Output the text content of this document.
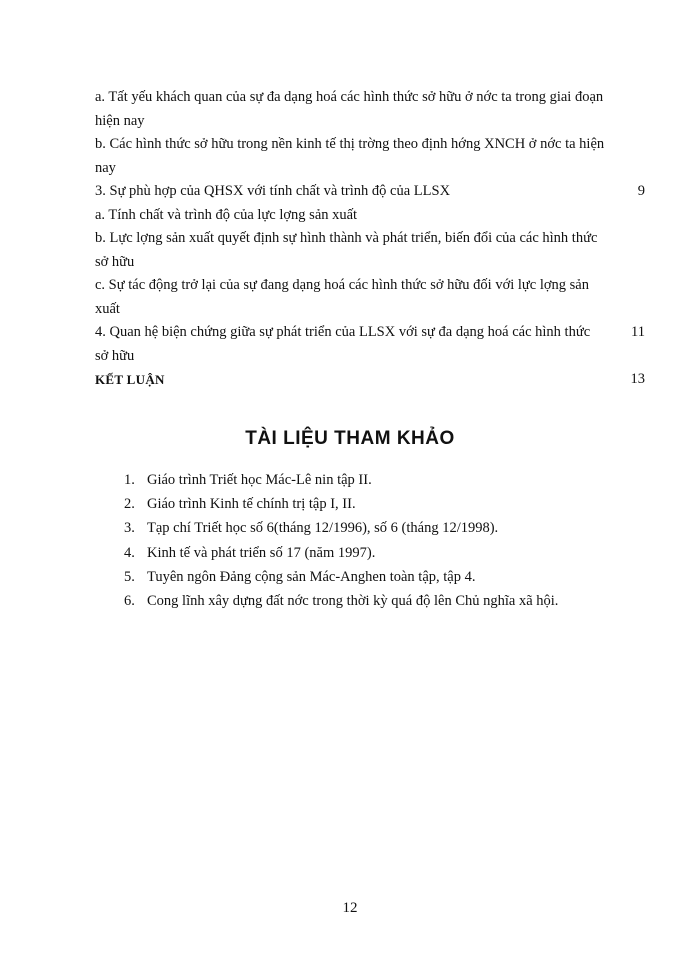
a. Tất yếu khách quan của sự đa dạng hoá các hình thức sở hữu ở nớc ta trong giai đoạn hiện nay
b. Các hình thức sở hữu trong nền kinh tế thị trờng theo định hớng XNCH ở nớc ta hiện nay
3. Sự phù hợp của QHSX với tính chất và trình độ của LLSX	9
a. Tính chất và trình độ của lực lợng sản xuất
b. Lực lợng sản xuất quyết định sự hình thành và phát triển, biến đổi của các hình thức sở hữu
c. Sự tác động trở lại của sự đang dạng hoá các hình thức sở hữu đối với lực lợng sản xuất
4. Quan hệ biện chứng giữa sự phát triển của LLSX với sự đa dạng hoá các hình thức sở hữu
11
KẾT LUẬN	13
TÀI LIỆU THAM KHẢO
1. Giáo trình Triết học Mác-Lê nin tập II.
2. Giáo trình Kinh tế chính trị tập I, II.
3. Tạp chí Triết học số 6(tháng 12/1996), số 6 (tháng 12/1998).
4. Kinh tế và phát triển số 17 (năm 1997).
5. Tuyên ngôn Đảng cộng sản Mác-Anghen toàn tập, tập 4.
6. Cong lĩnh xây dựng đất nớc trong thời kỳ quá độ lên Chủ nghĩa xã hội.
12
